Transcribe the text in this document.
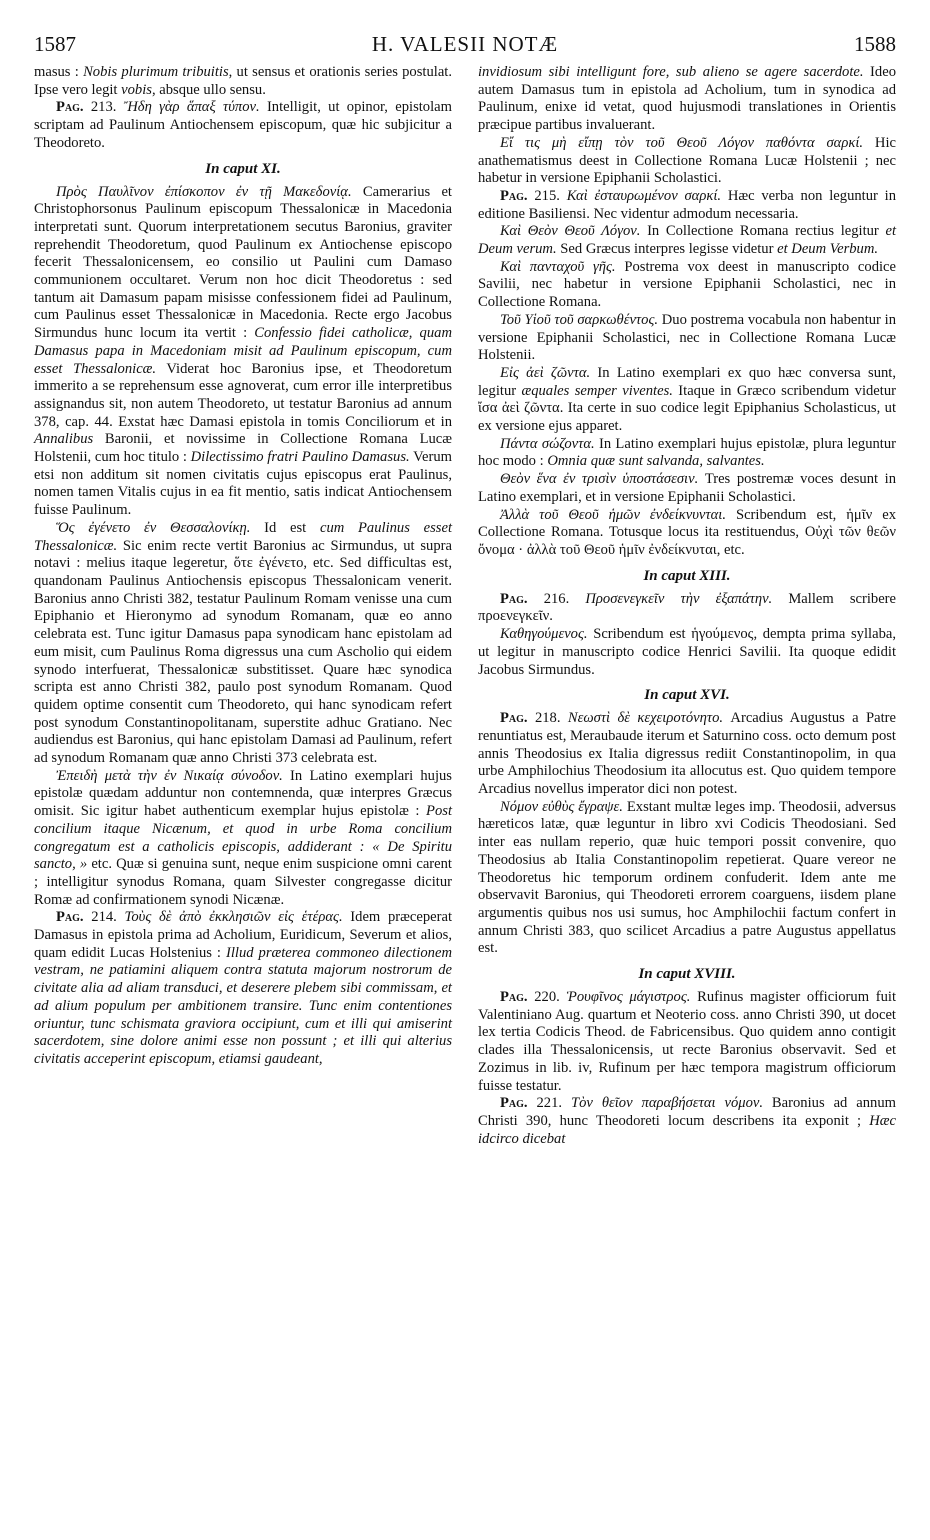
1587	H. VALESII NOTÆ	1588

masus : Nobis plurimum tribuitis, ut sensus et orationis series postulat. Ipse vero legit vobis, absque ullo sensu.

Pag. 213. Ἤδη γὰρ ἅπαξ τύπον. Intelligit, ut opinor, epistolam scriptam ad Paulinum Antiochensem episcopum, quæ hic subjicitur a Theodoreto.

In caput XI.

Πρὸς Παυλῖνον ἐπίσκοπον ἐν τῇ Μακεδονίᾳ. Camerarius et Christophorsonus Paulinum episcopum Thessalonicæ in Macedonia interpretati sunt. Quorum interpretationem secutus Baronius, graviter reprehendit Theodoretum, quod Paulinum ex Antiochense episcopo fecerit Thessalonicensem, eo consilio ut Paulini cum Damaso communionem occultaret. Verum non hoc dicit Theodoretus : sed tantum ait Damasum papam misisse confessionem fidei ad Paulinum, cum Paulinus esset Thessalonicæ in Macedonia. Recte ergo Jacobus Sirmundus hunc locum ita vertit : Confessio fidei catholicæ, quam Damasus papa in Macedoniam misit ad Paulinum episcopum, cum esset Thessalonicæ. Viderat hoc Baronius ipse, et Theodoretum immerito a se reprehensum esse agnoverat, cum error ille interpretibus assignandus sit, non autem Theodoreto, ut testatur Baronius ad annum 378, cap. 44. Exstat hæc Damasi epistola in tomis Conciliorum et in Annalibus Baronii, et novissime in Collectione Romana Lucæ Holstenii, cum hoc titulo : Dilectissimo fratri Paulino Damasus. Verum etsi non additum sit nomen civitatis cujus episcopus erat Paulinus, nomen tamen Vitalis cujus in ea fit mentio, satis indicat Antiochensem fuisse Paulinum.

Ὅς ἐγένετο ἐν Θεσσαλονίκῃ. Id est cum Paulinus esset Thessalonicæ. Sic enim recte vertit Baronius ac Sirmundus, ut supra notavi : melius itaque legeretur, ὅτε ἐγένετο, etc. Sed difficultas est, quandonam Paulinus Antiochensis episcopus Thessalonicam venerit. Baronius anno Christi 382, testatur Paulinum Romam venisse una cum Epiphanio et Hieronymo ad synodum Romanam, quæ eo anno celebrata est. Tunc igitur Damasus papa synodicam hanc epistolam ad eum misit, cum Paulinus Roma digressus una cum Ascholio qui eidem synodo interfuerat, Thessalonicæ substitisset. Quare hæc synodica scripta est anno Christi 382, paulo post synodum Romanam. Quod quidem optime consentit cum Theodoreto, qui hanc synodicam refert post synodum Constantinopolitanam, superstite adhuc Gratiano. Nec audiendus est Baronius, qui hanc epistolam Damasi ad Paulinum, refert ad synodum Romanam quæ anno Christi 373 celebrata est.

Ἐπειδὴ μετὰ τὴν ἐν Νικαίᾳ σύνοδον. In Latino exemplari hujus epistolæ quædam adduntur non contemnenda, quæ interpres Græcus omisit. Sic igitur habet authenticum exemplar hujus epistolæ : Post concilium itaque Nicænum, et quod in urbe Roma concilium congregatum est a catholicis episcopis, addiderant : « De Spiritu sancto, » etc. Quæ si genuina sunt, neque enim suspicione omni carent ; intelligitur synodus Romana, quam Silvester congregasse dicitur Romæ ad confirmationem synodi Nicænæ.

Pag. 214. Τοὺς δὲ ἀπὸ ἐκκλησιῶν εἰς ἑτέρας. Idem præceperat Damasus in epistola prima ad Acholium, Euridicum, Severum et alios, quam edidit Lucas Holstenius : Illud præterea commoneo dilectionem vestram, ne patiamini aliquem contra statuta majorum nostrorum de civitate alia ad aliam transduci, et deserere plebem sibi commissam, et ad alium populum per ambitionem transire. Tunc enim contentiones oriuntur, tunc schismata graviora occipiunt, cum et illi qui amiserint sacerdotem, sine dolore animi esse non possunt ; et illi qui alterius civitatis acceperint episcopum, etiamsi gaudeant,

invidiosum sibi intelligunt fore, sub alieno se agere sacerdote. Ideo autem Damasus tum in epistola ad Acholium, tum in synodica ad Paulinum, enixe id vetat, quod hujusmodi translationes in Orientis præcipue partibus invaluerant.

Εἴ τις μὴ εἴπῃ τὸν τοῦ Θεοῦ Λόγον παθόντα σαρκί. Hic anathematismus deest in Collectione Romana Lucæ Holstenii ; nec habetur in versione Epiphanii Scholastici.

Pag. 215. Καὶ ἐσταυρωμένον σαρκί. Hæc verba non leguntur in editione Basiliensi. Nec videntur admodum necessaria.

Καὶ Θεὸν Θεοῦ Λόγον. In Collectione Romana rectius legitur et Deum verum. Sed Græcus interpres legisse videtur et Deum Verbum.

Καὶ πανταχοῦ γῆς. Postrema vox deest in manuscripto codice Savilii, nec habetur in versione Epiphanii Scholastici, nec in Collectione Romana.

Τοῦ Υἱοῦ τοῦ σαρκωθέντος. Duo postrema vocabula non habentur in versione Epiphanii Scholastici, nec in Collectione Romana Lucæ Holstenii.

Εἰς ἀεὶ ζῶντα. In Latino exemplari ex quo hæc conversa sunt, legitur æquales semper viventes. Itaque in Græco scribendum videtur ἴσα ἀεὶ ζῶντα. Ita certe in suo codice legit Epiphanius Scholasticus, ut ex versione ejus apparet.

Πάντα σώζοντα. In Latino exemplari hujus epistolæ, plura leguntur hoc modo : Omnia quæ sunt salvanda, salvantes.

Θεὸν ἕνα ἐν τρισὶν ὑποστάσεσιν. Tres postremæ voces desunt in Latino exemplari, et in versione Epiphanii Scholastici.

Ἀλλὰ τοῦ Θεοῦ ἡμῶν ἐνδείκνυνται. Scribendum est, ἡμῖν ex Collectione Romana. Totusque locus ita restituendus, Οὐχὶ τῶν θεῶν ὄνομα · ἀλλὰ τοῦ Θεοῦ ἡμῖν ἐνδείκνυται, etc.

In caput XIII.

Pag. 216. Προσενεγκεῖν τὴν ἐξαπάτην. Mallem scribere προενεγκεῖν.

Καθηγούμενος. Scribendum est ἡγούμενος, dempta prima syllaba, ut legitur in manuscripto codice Henrici Savilii. Ita quoque edidit Jacobus Sirmundus.

In caput XVI.

Pag. 218. Νεωστὶ δὲ κεχειροτόνητο. Arcadius Augustus a Patre renuntiatus est, Meraubaude iterum et Saturnino coss. octo demum post annis Theodosius ex Italia digressus rediit Constantinopolim, in qua urbe Amphilochius Theodosium ita allocutus est. Quo quidem tempore Arcadius novellus imperator dici non potest.

Νόμον εὐθὺς ἔγραψε. Exstant multæ leges imp. Theodosii, adversus hæreticos latæ, quæ leguntur in libro xvi Codicis Theodosiani. Sed inter eas nullam reperio, quæ huic tempori possit convenire, quo Theodosius ab Italia Constantinopolim repetierat. Quare vereor ne Theodoretus hic temporum ordinem confuderit. Idem ante me observavit Baronius, qui Theodoreti errorem coarguens, iisdem plane argumentis quibus nos usi sumus, hoc Amphilochii factum confert in annum Christi 383, quo scilicet Arcadius a patre Augustus appellatus est.

In caput XVIII.

Pag. 220. Ῥουφῖνος μάγιστρος. Rufinus magister officiorum fuit Valentiniano Aug. quartum et Neoterio coss. anno Christi 390, ut docet lex tertia Codicis Theod. de Fabricensibus. Quo quidem anno contigit clades illa Thessalonicensis, ut recte Baronius observavit. Sed et Zozimus in lib. iv, Rufinum per hæc tempora magistrum officiorum fuisse testatur.

Pag. 221. Τὸν θεῖον παραβήσεται νόμον. Baronius ad annum Christi 390, hunc Theodoreti locum describens ita exponit ; Hæc idcirco dicebat
